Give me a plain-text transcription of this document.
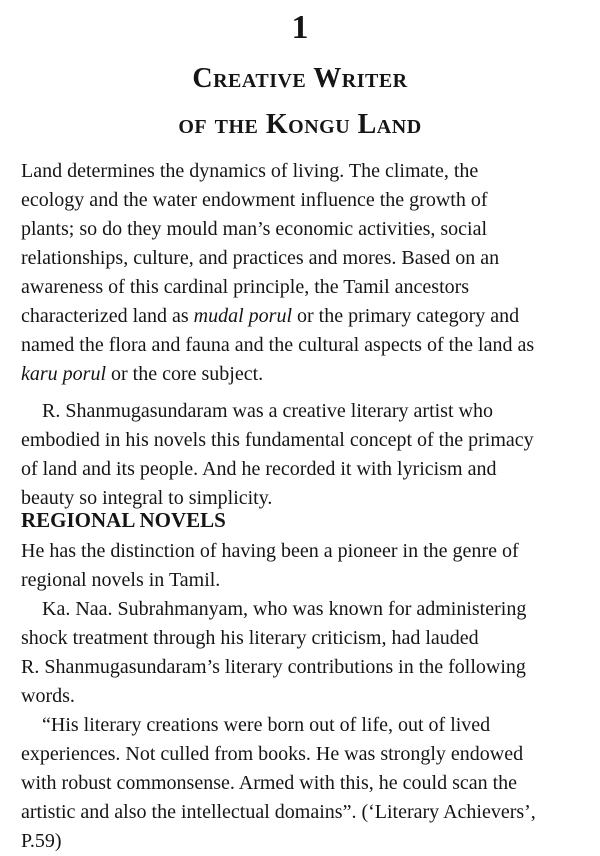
1
Creative Writer
of the Kongu Land

Land determines the dynamics of living. The climate, the

ecology and the water endowment influence the growth of

plants; so do they mould man’s economic activities, social

relationships, culture, and practices and mores. Based on an

awareness of this cardinal principle, the Tamil ancestors

characterized land as mudal porul or the primary category and

named the flora and fauna and the cultural aspects of the land as

karu porul or the core subject.

R. Shanmugasundaram was a creative literary artist who

embodied in his novels this fundamental concept of the primacy

of land and its people. And he recorded it with lyricism and

beauty so integral to simplicity.

REGIONAL NOVELS

He has the distinction of having been a pioneer in the genre of

regional novels in Tamil.

Ka. Naa. Subrahmanyam, who was known for administering

shock treatment through his literary criticism, had lauded

R. Shanmugasundaram’s literary contributions in the following

words.

“His literary creations were born out of life, out of lived

experiences. Not culled from books. He was strongly endowed

with robust commonsense. Armed with this, he could scan the

artistic and also the intellectual domains”. (‘Literary Achievers’,

P.59)
